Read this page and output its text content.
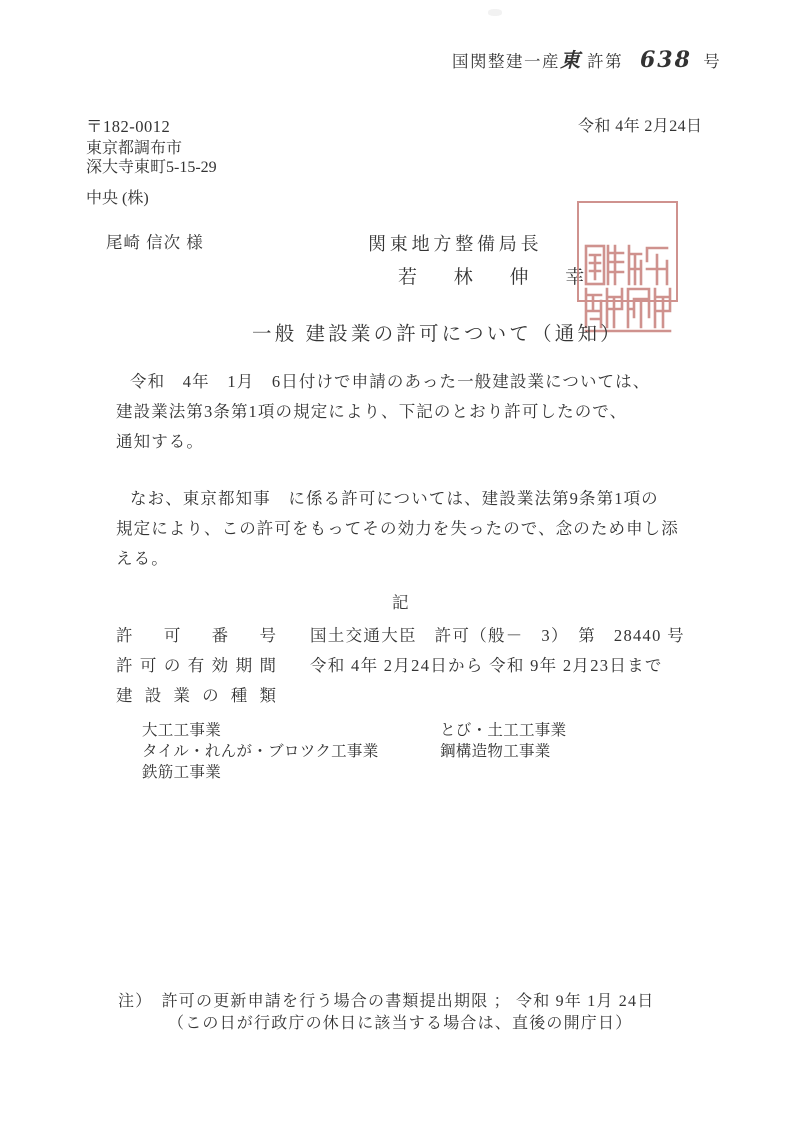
国関整建一産東 許第 638 号
〒182-0012
東京都調布市
深大寺東町5-15-29
中央 (株)
尾崎 信次 様
令和 4年 2月24日
関東地方整備局長
若 林 伸 幸

一般 建設業の許可について（通知）
令和　4年　1月　6日付けで申請のあった一般建設業については、
建設業法第3条第1項の規定により、下記のとおり許可したので、
通知する。
なお、東京都知事　に係る許可については、建設業法第9条第1項の
規定により、この許可をもってその効力を失ったので、念のため申し添
える。
記
許可番号 国土交通大臣　許可（般－　3）　第　28440 号
許可の有効期間 令和 4年 2月24日から 令和 9年 2月23日まで
建設業の種類
大工工事業
タイル・れんが・ブロツク工事業
鉄筋工事業
とび・土工工事業
鋼構造物工事業
注）　許可の更新申請を行う場合の書類提出期限 ； 令和 9年 1月 24日
（この日が行政庁の休日に該当する場合は、直後の開庁日）
